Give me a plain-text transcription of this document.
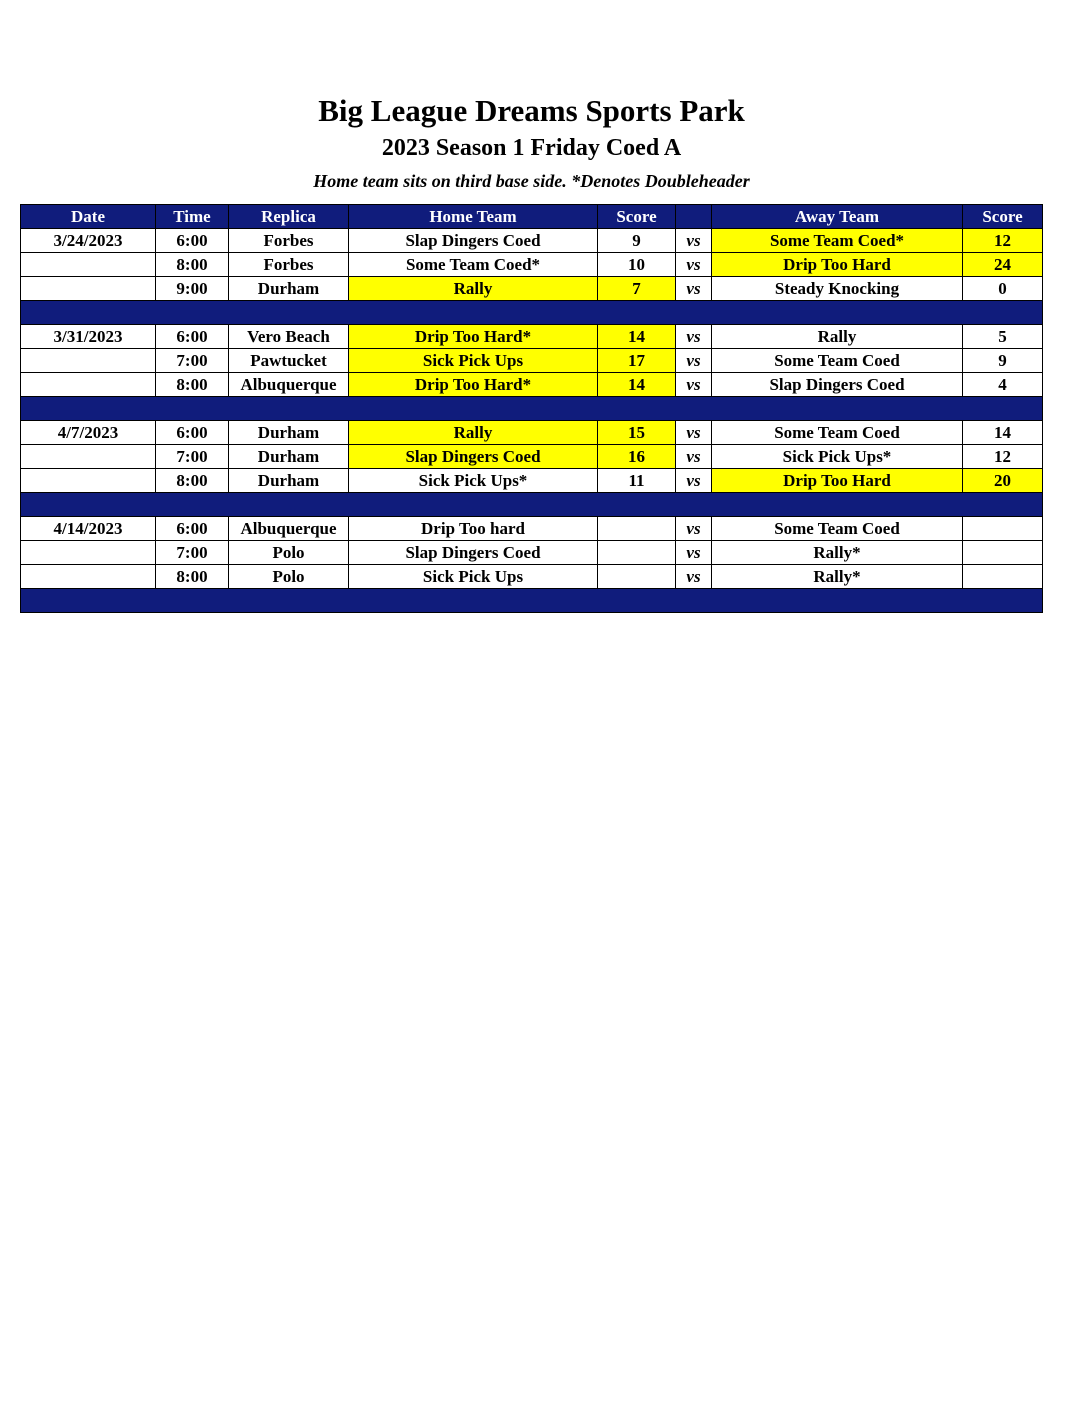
Big League Dreams Sports Park
2023 Season 1 Friday Coed A
Home team sits on third base side. *Denotes Doubleheader
Date	Time	Replica	Home Team	Score		Away Team	Score
3/24/2023	6:00	Forbes	Slap Dingers Coed	9	vs	Some Team Coed*	12
	8:00	Forbes	Some Team Coed*	10	vs	Drip Too Hard	24
	9:00	Durham	Rally	7	vs	Steady Knocking	0

3/31/2023	6:00	Vero Beach	Drip Too Hard*	14	vs	Rally	5
	7:00	Pawtucket	Sick Pick Ups	17	vs	Some Team Coed	9
	8:00	Albuquerque	Drip Too Hard*	14	vs	Slap Dingers Coed	4

4/7/2023	6:00	Durham	Rally	15	vs	Some Team Coed	14
	7:00	Durham	Slap Dingers Coed	16	vs	Sick Pick Ups*	12
	8:00	Durham	Sick Pick Ups*	11	vs	Drip Too Hard	20

4/14/2023	6:00	Albuquerque	Drip Too hard		vs	Some Team Coed	
	7:00	Polo	Slap Dingers Coed		vs	Rally*	
	8:00	Polo	Sick Pick Ups		vs	Rally*	
